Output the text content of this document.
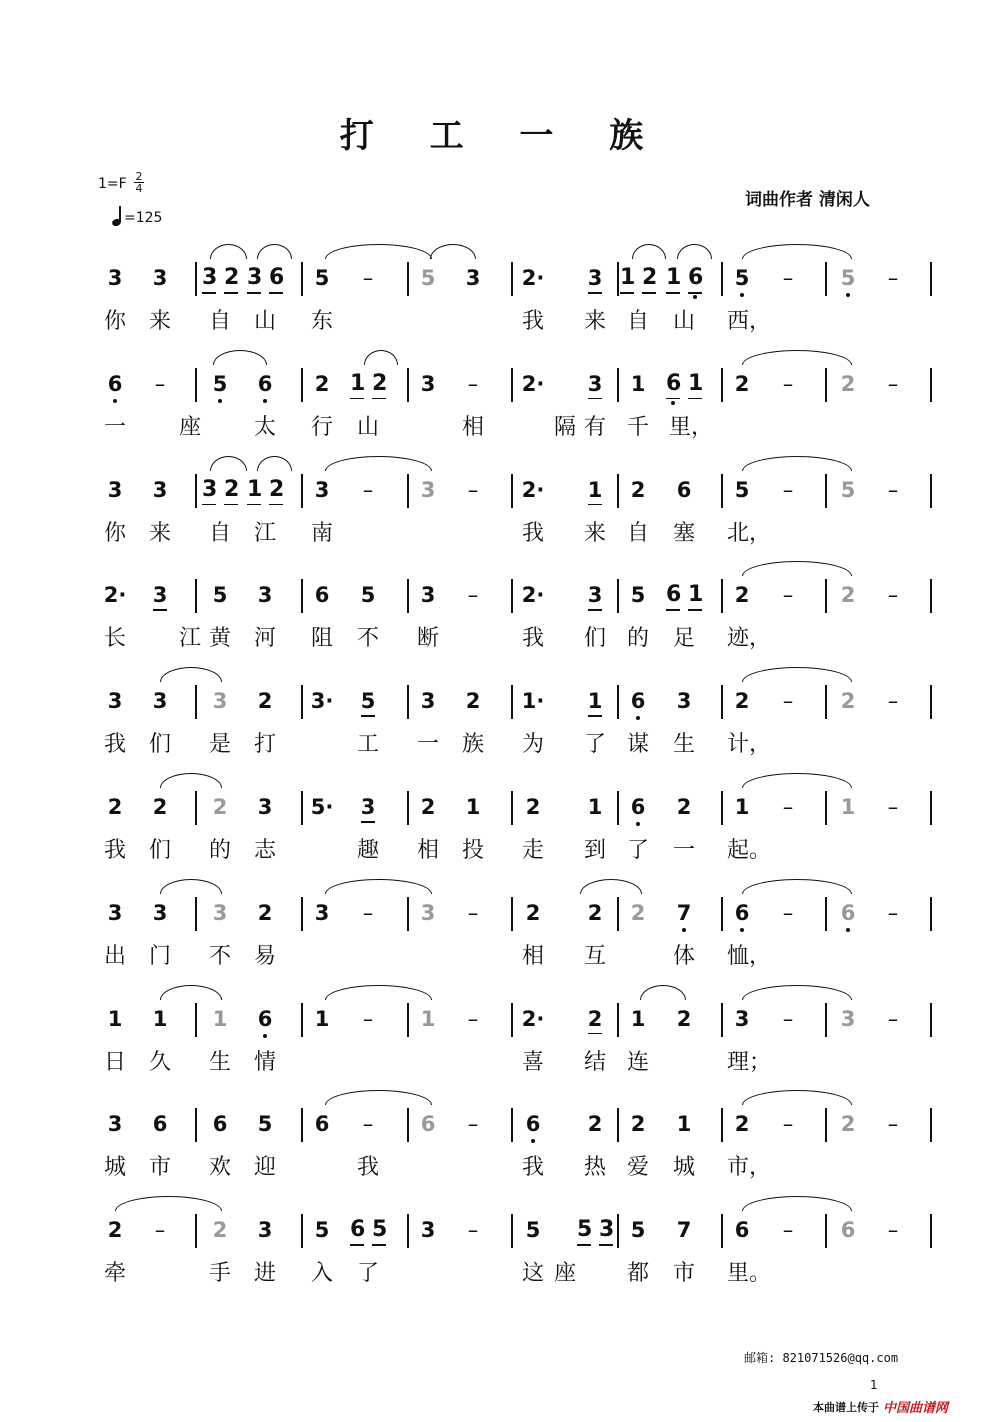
打 工 一 族
1=F 2
4
=125
词曲作者 清闲人
3 3 3 2 3 6 5	–	5 3 2· 3 1 2 1 6 5	–	5	–
你 来 自 山 东	我 来 自 山 西，
6	–	5 6 2 1 2 3	–	2· 3 1 6 1 2	–	2	–
一 座 太 行 山	相	隔 有 千 里，
3 3 3 2 1 2 3	–	3	–	2· 1 2 6 5	–	5	–
你 来 自 江 南	我 来 自 塞 北，
2· 3 5 3 6 5 3	–	2· 3 5 6 1 2	–	2	–
长 江 黄 河 阻 不 断	我 们 的 足 迹，
3 3 3 2 3· 5 3 2 1· 1 6 3 2	–	2	–
我 们 是 打	工 一 族 为 了 谋 生 计，
2 2 2 3 5· 3 2 1 2 1 6 2 1	–	1	–
我 们 的 志	趣 相 投 走 到 了 一 起。
3 3 3 2 3	–	3	–	2 2 2 7 6	–	6	–
出 门 不 易	相 互	体 恤，
1 1 1 6 1	–	1	–	2· 2 1 2 3	–	3	–
日 久 生 情	喜 结 连	理；
3 6 6 5 6	–	6	–	6 2 2 1 2	–	2	–
城 市 欢 迎	我	我 热 爱 城 市，
2	–	2 3 5 6 5 3	–	5 5 3 5 7 6	–	6	–
牵	手 进 入 了	这 座 都 市 里。
邮箱: 821071526@qq.com
1
本曲谱上传于 中国曲谱网
